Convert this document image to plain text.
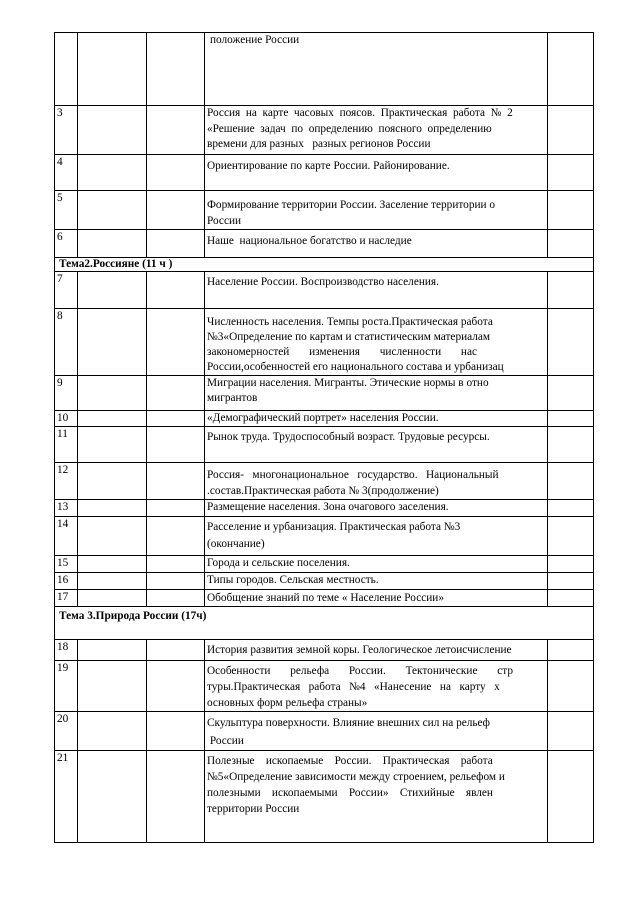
			положение России	

3			Россия  на  карте  часовых  поясов.  Практическая  работа  №  2
«Решение  задач  по  определению  поясного  определению
времени для разных   разных регионов России	

4			Ориентирование по карте России. Районирование.	

5			Формирование территории России. Заселение территории о
России	

6			Наше  национальное богатство и наследие	

Тема2.Россияне (11 ч )				
7			Население России. Воспроизводство населения.	

8			Численность населения. Темпы роста.Практическая работа
№3«Определение по картам и статистическим материалам
закономерностей       изменения       численности       нас
России,особенностей его национального состава и урбанизац	

9			Миграции населения. Мигранты. Этические нормы в отно
мигрантов	

10			«Демографический портрет» населения России.	

11			Рынок труда. Трудоспособный возраст. Трудовые ресурсы.	

12			Россия-   многонациональное   государство.   Национальный
.состав.Практическая работа № 3(продолжение)	

13			Размещение населения. Зона очагового заселения.	

14			Расселение и урбанизация. Практическая работа №3
(окончание)	

15			Города и сельские поселения.	

16			Типы городов. Сельская местность.	

17			Обобщение знаний по теме « Население России»	

Тема 3.Природа России (17ч)				
18			История развития земной коры. Геологическое летоисчисление	

19			Особенности       рельефа       России.       Тектонические       стр
туры.Практическая   работа   №4   «Нанесение   на   карту   х
основных форм рельефа страны»	

20			Скульптура поверхности. Влияние внешних сил на рельеф
России	

21			Полезные    ископаемые    России.    Практическая    работа
№5«Определение зависимости между строением, рельефом и
полезными    ископаемыми    России»    Стихийные    явлен
территории России	
